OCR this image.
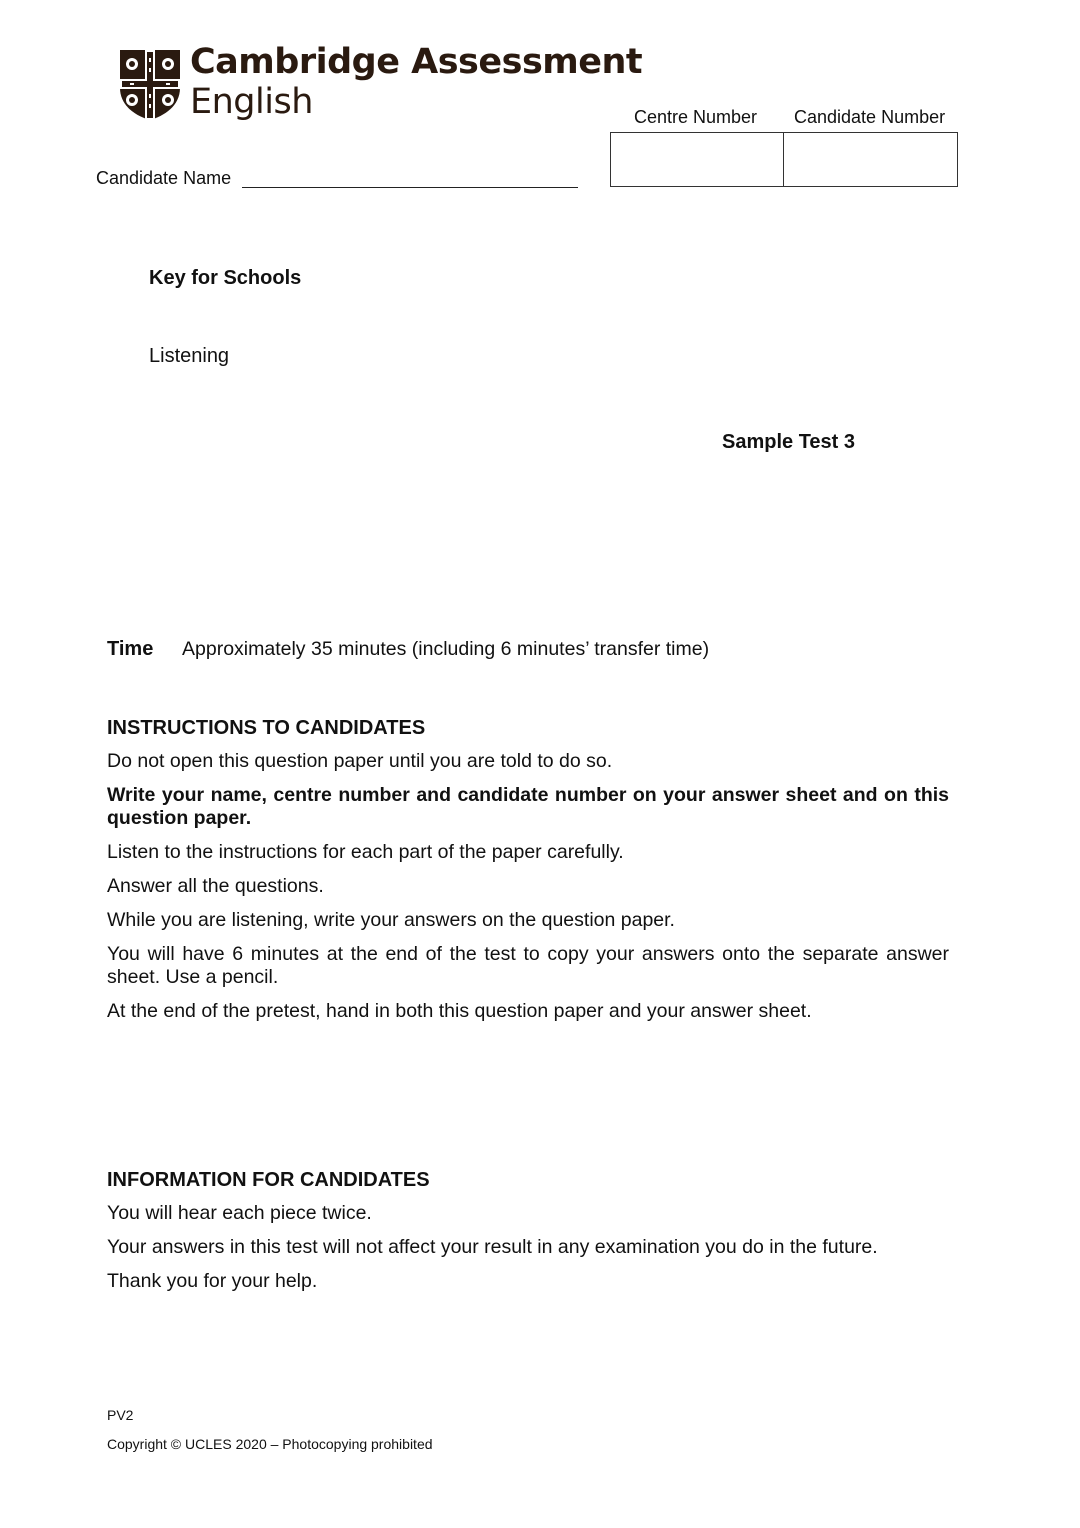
Cambridge Assessment
English	Centre Number Candidate Number
Candidate Name
Key for Schools
Listening
Sample Test 3
Time Approximately 35 minutes (including 6 minutes’ transfer time)
INSTRUCTIONS TO CANDIDATES

Do not open this question paper until you are told to do so.

Write your name, centre number and candidate number on your answer sheet and on this question paper.

Listen to the instructions for each part of the paper carefully.

Answer all the questions.

While you are listening, write your answers on the question paper.

You will have 6 minutes at the end of the test to copy your answers onto the separate answer sheet. Use a pencil.

At the end of the pretest, hand in both this question paper and your answer sheet.

INFORMATION FOR CANDIDATES

You will hear each piece twice.

Your answers in this test will not affect your result in any examination you do in the future.

Thank you for your help.

PV2
Copyright © UCLES 2020 – Photocopying prohibited
